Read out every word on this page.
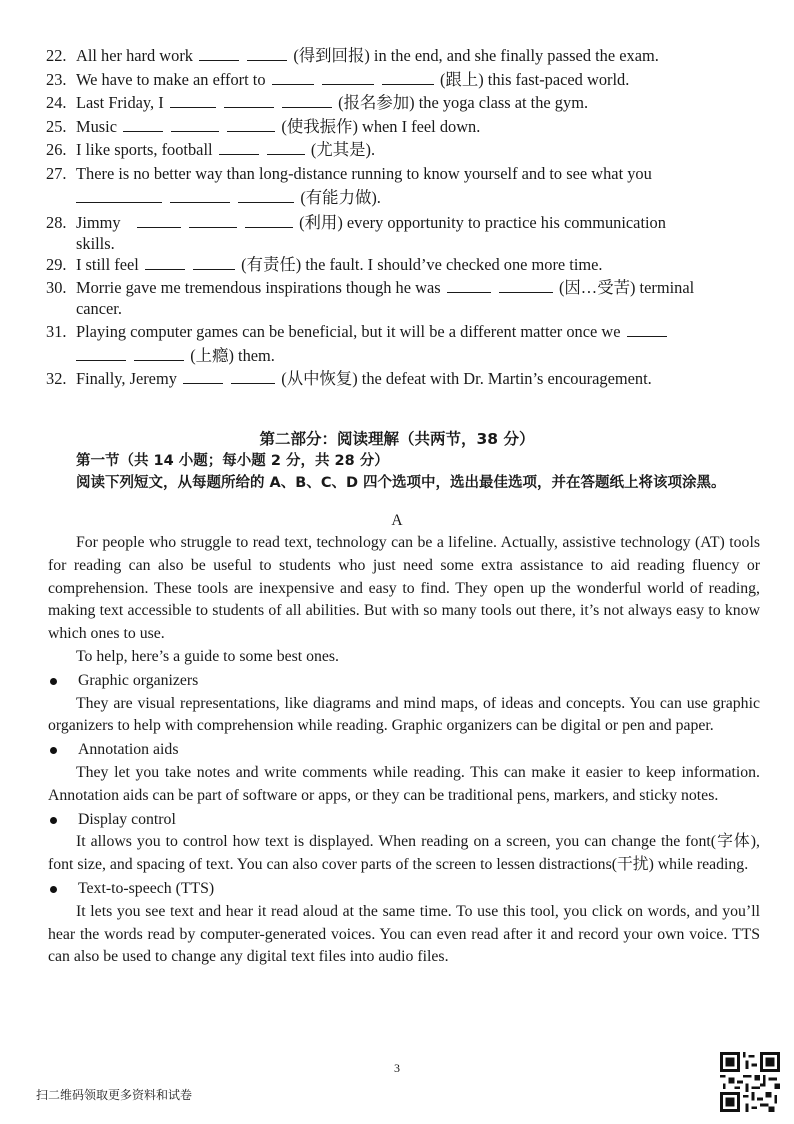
22. All her hard work	(得到回报) in the end, and she finally passed the exam.
23. We have to make an effort to	(跟上) this fast-paced world.
24. Last Friday, I	(报名参加) the yoga class at the gym.
25. Music	(使我振作) when I feel down.
26. I like sports, football	(尤其是).
27. There is no better way than long-distance running to know yourself and to see what you
(有能力做).
28. Jimmy	(利用) every opportunity to practice his communication
skills.
29. I still feel	(有责任) the fault. I should’ve checked one more time.
30. Morrie gave me tremendous inspirations though he was	(因…受苦) terminal
cancer.
31. Playing computer games can be beneficial, but it will be a different matter once we
(上瘾) them.
32. Finally, Jeremy	(从中恢复) the defeat with Dr. Martin’s encouragement.
第二部分：阅读理解（共两节，38 分）
第一节（共 14 小题；每小题 2 分，共 28 分）
阅读下列短文，从每题所给的 A、B、C、D 四个选项中，选出最佳选项，并在答题纸上将该项涂黑。
A

For people who struggle to read text, technology can be a lifeline. Actually, assistive technology (AT) tools for reading can also be useful to students who just need some extra assistance to aid reading fluency or comprehension. These tools are inexpensive and easy to find. They open up the wonderful world of reading, making text accessible to students of all abilities. But with so many tools out there, it’s not always easy to know which ones to use.

To help, here’s a guide to some best ones.

Graphic organizers

They are visual representations, like diagrams and mind maps, of ideas and concepts. You can use graphic organizers to help with comprehension while reading. Graphic organizers can be digital or pen and paper.

Annotation aids

They let you take notes and write comments while reading. This can make it easier to keep information. Annotation aids can be part of software or apps, or they can be traditional pens, markers, and sticky notes.

Display control

It allows you to control how text is displayed. When reading on a screen, you can change the font(字体), font size, and spacing of text. You can also cover parts of the screen to lessen distractions(干扰) while reading.

Text-to-speech (TTS)

It lets you see text and hear it read aloud at the same time. To use this tool, you click on words, and you’ll hear the words read by computer-generated voices. You can even read after it and record your own voice. TTS can also be used to change any digital text files into audio files.

3
扫二维码领取更多资料和试卷
